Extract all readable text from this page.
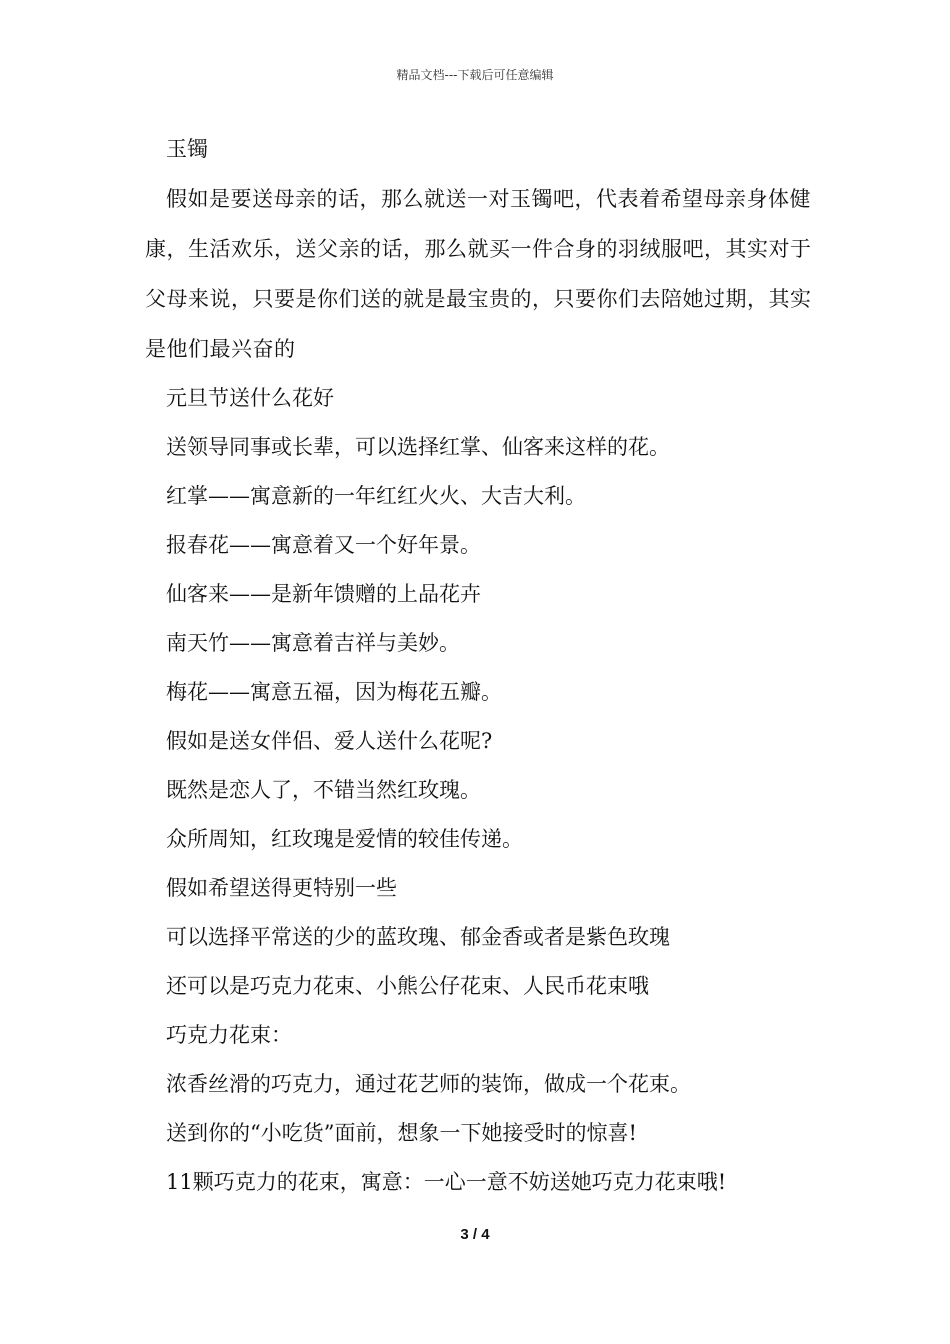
精品文档---下载后可任意编辑

玉镯

假如是要送母亲的话，那么就送一对玉镯吧，代表着希望母亲身体健康，生活欢乐，送父亲的话，那么就买一件合身的羽绒服吧，其实对于父母来说，只要是你们送的就是最宝贵的，只要你们去陪她过期，其实是他们最兴奋的

元旦节送什么花好

送领导同事或长辈，可以选择红掌、仙客来这样的花。

红掌——寓意新的一年红红火火、大吉大利。

报春花——寓意着又一个好年景。

仙客来——是新年馈赠的上品花卉

南天竹——寓意着吉祥与美妙。

梅花——寓意五福，因为梅花五瓣。

假如是送女伴侣、爱人送什么花呢?

既然是恋人了，不错当然红玫瑰。

众所周知，红玫瑰是爱情的较佳传递。

假如希望送得更特别一些

可以选择平常送的少的蓝玫瑰、郁金香或者是紫色玫瑰

还可以是巧克力花束、小熊公仔花束、人民币花束哦

巧克力花束：

浓香丝滑的巧克力，通过花艺师的装饰，做成一个花束。

送到你的“小吃货”面前，想象一下她接受时的惊喜!

11颗巧克力的花束，寓意：一心一意不妨送她巧克力花束哦!

3 / 4
